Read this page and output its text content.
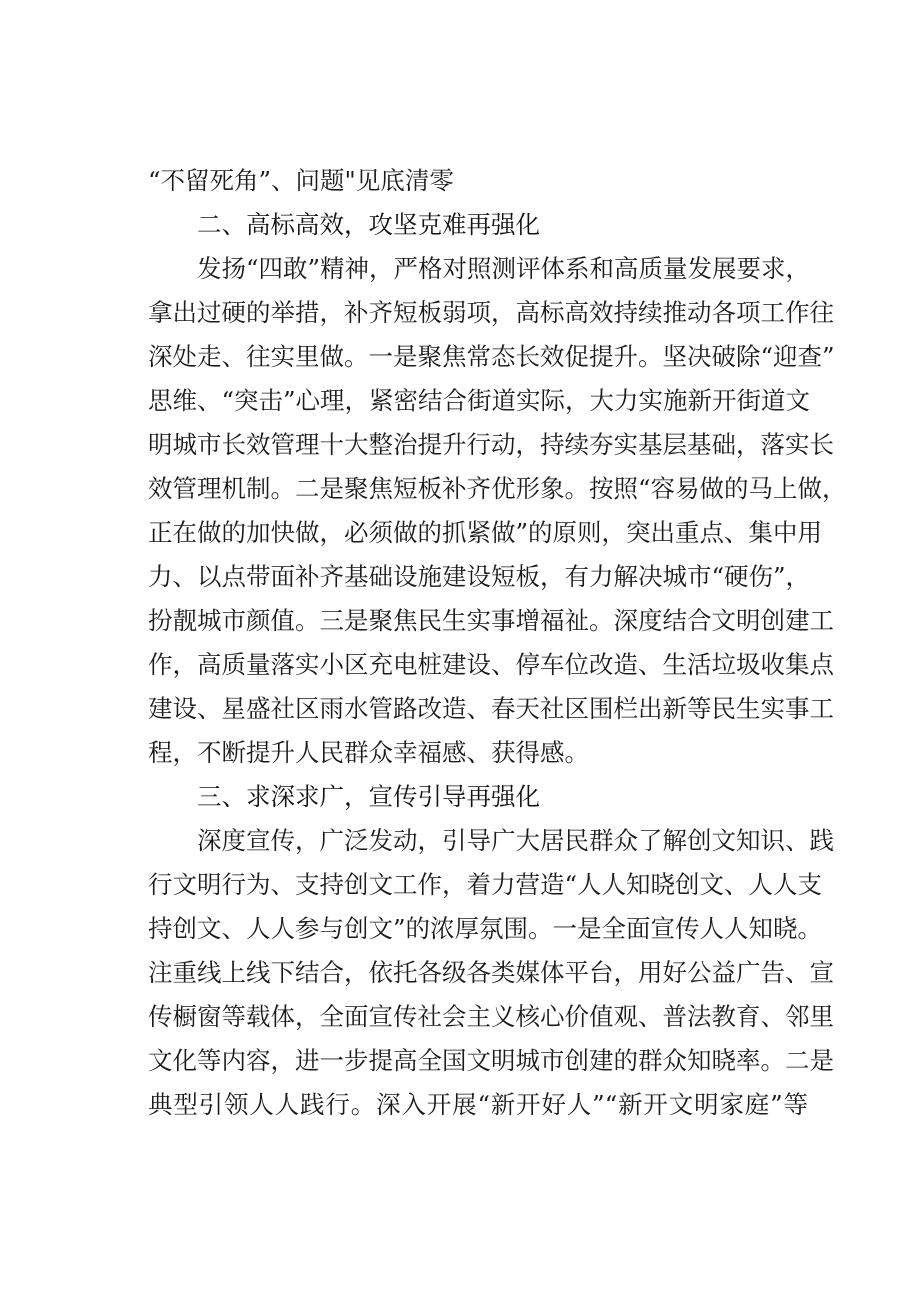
“不留死角”、问题"见底清零
二、高标高效，攻坚克难再强化
发扬“四敢”精神，严格对照测评体系和高质量发展要求，
拿出过硬的举措，补齐短板弱项，高标高效持续推动各项工作往
深处走、往实里做。一是聚焦常态长效促提升。坚决破除“迎查”
思维、“突击”心理，紧密结合街道实际，大力实施新开街道文
明城市长效管理十大整治提升行动，持续夯实基层基础，落实长
效管理机制。二是聚焦短板补齐优形象。按照“容易做的马上做，
正在做的加快做，必须做的抓紧做”的原则，突出重点、集中用
力、以点带面补齐基础设施建设短板，有力解决城市“硬伤”，
扮靓城市颜值。三是聚焦民生实事增福祉。深度结合文明创建工
作，高质量落实小区充电桩建设、停车位改造、生活垃圾收集点
建设、星盛社区雨水管路改造、春天社区围栏出新等民生实事工
程，不断提升人民群众幸福感、获得感。
三、求深求广，宣传引导再强化
深度宣传，广泛发动，引导广大居民群众了解创文知识、践
行文明行为、支持创文工作，着力营造“人人知晓创文、人人支
持创文、人人参与创文”的浓厚氛围。一是全面宣传人人知晓。
注重线上线下结合，依托各级各类媒体平台，用好公益广告、宣
传橱窗等载体，全面宣传社会主义核心价值观、普法教育、邻里
文化等内容，进一步提高全国文明城市创建的群众知晓率。二是
典型引领人人践行。深入开展“新开好人”“新开文明家庭”等
